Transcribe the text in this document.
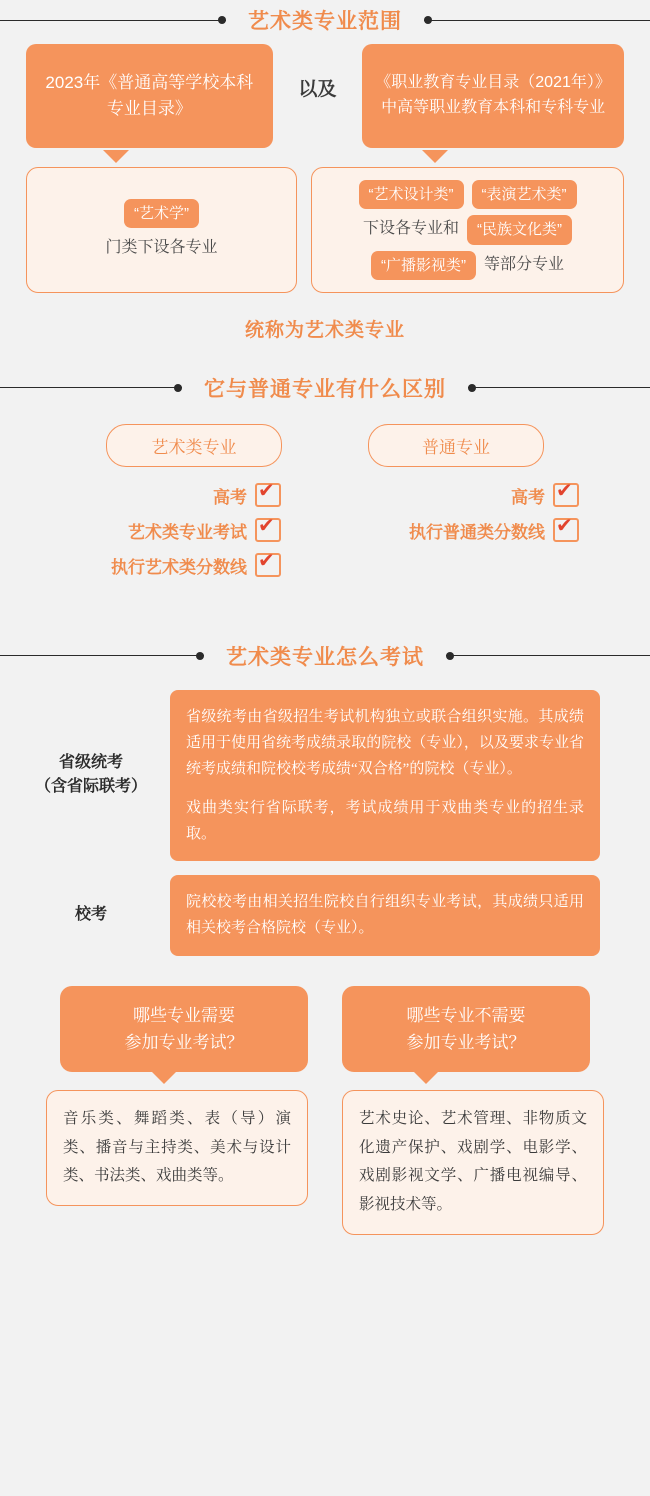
艺术类专业范围
2023年《普通高等学校本科专业目录》
以及	《职业教育专业目录（2021年）》中高等职业教育本科和专科专业
“艺术学”
门类下设各专业
“艺术设计类”	“表演艺术类”
下设各专业和	“民族文化类”
“广播影视类”	等部分专业
统称为艺术类专业
它与普通专业有什么区别
艺术类专业	普通专业
高考
✔
艺术类专业考试
✔
执行艺术类分数线
✔
高考
✔
执行普通类分数线
✔
艺术类专业怎么考试
省级统考
（含省际联考）

省级统考由省级招生考试机构独立或联合组织实施。其成绩适用于使用省统考成绩录取的院校（专业），以及要求专业省统考成绩和院校校考成绩“双合格”的院校（专业）。

戏曲类实行省际联考，考试成绩用于戏曲类专业的招生录取。

校考

院校校考由相关招生院校自行组织专业考试，其成绩只适用相关校考合格院校（专业）。

哪些专业需要
参加专业考试？
哪些专业不需要
参加专业考试？
音乐类、舞蹈类、表（导）演类、播音与主持类、美术与设计类、书法类、戏曲类等。
艺术史论、艺术管理、非物质文化遗产保护、戏剧学、电影学、戏剧影视文学、广播电视编导、影视技术等。
